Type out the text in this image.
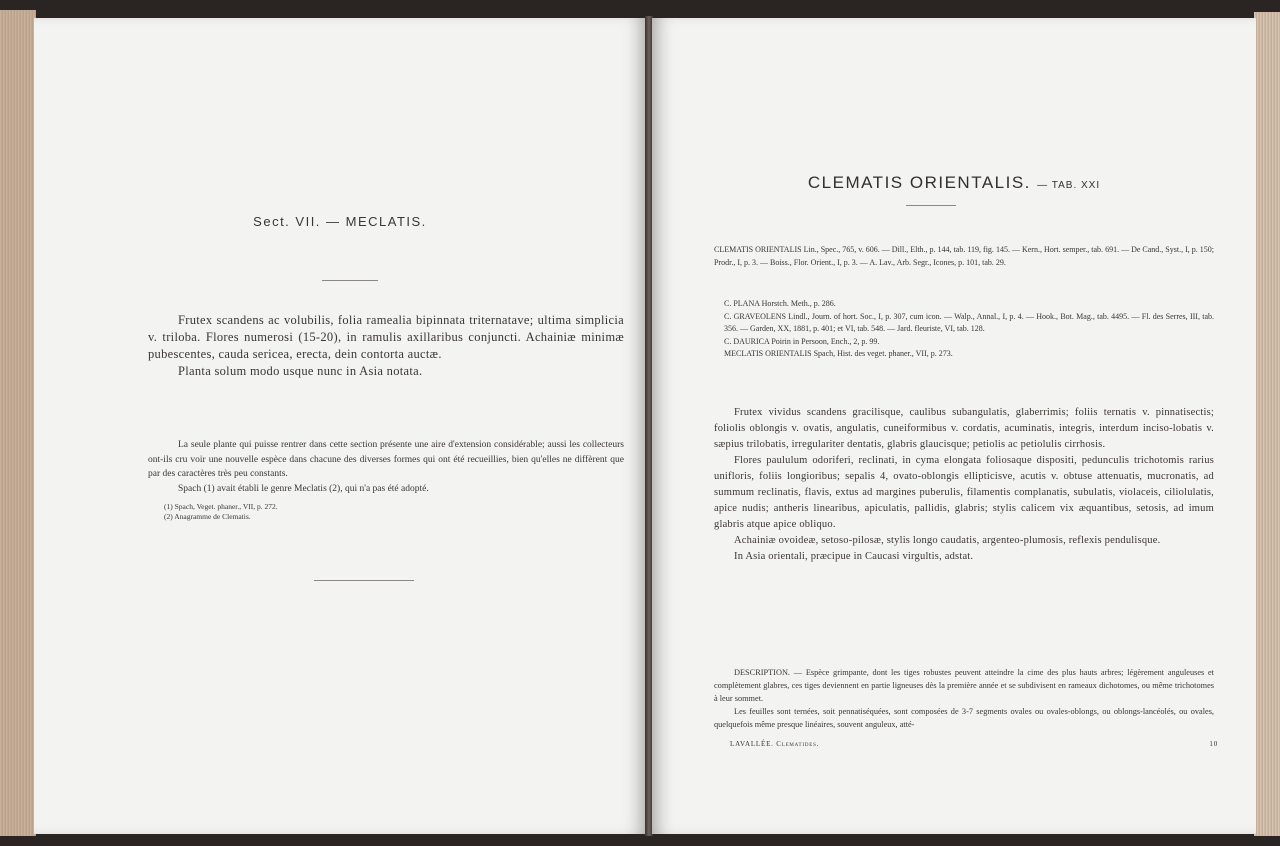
Sect. VII. — MECLATIS.

Frutex scandens ac volubilis, folia ramealia bipinnata triternatave; ultima simplicia v. triloba. Flores numerosi (15-20), in ramulis axillaribus conjuncti. Achainiæ minimæ pubescentes, cauda sericea, erecta, dein contorta auctæ.

Planta solum modo usque nunc in Asia notata.

La seule plante qui puisse rentrer dans cette section présente une aire d'extension considérable; aussi les collecteurs ont-ils cru voir une nouvelle espèce dans chacune des diverses formes qui ont été recueillies, bien qu'elles ne diffèrent que par des caractères très peu constants.

Spach (1) avait établi le genre Meclatis (2), qui n'a pas été adopté.

(1) Spach, Veget. phaner., VII, p. 272.
(2) Anagramme de Clematis.
CLEMATIS ORIENTALIS. — TAB. XXI

CLEMATIS ORIENTALIS Lin., Spec., 765, v. 606. — Dill., Elth., p. 144, tab. 119, fig. 145. — Kern., Hort. semper., tab. 691. — De Cand., Syst., I, p. 150; Prodr., I, p. 3. — Boiss., Flor. Orient., I, p. 3. — A. Lav., Arb. Segr., Icones, p. 101, tab. 29.

C. PLANA Horstch. Meth., p. 286.

C. GRAVEOLENS Lindl., Journ. of hort. Soc., I, p. 307, cum icon. — Walp., Annal., I, p. 4. — Hook., Bot. Mag., tab. 4495. — Fl. des Serres, III, tab. 356. — Garden, XX, 1881, p. 401; et VI, tab. 548. — Jard. fleuriste, VI, tab. 128.

C. DAURICA Poirin in Persoon, Ench., 2, p. 99.

MECLATIS ORIENTALIS Spach, Hist. des veget. phaner., VII, p. 273.

Frutex vividus scandens gracilisque, caulibus subangulatis, glaberrimis; foliis ternatis v. pinnatisectis; foliolis oblongis v. ovatis, angulatis, cuneiformibus v. cordatis, acuminatis, integris, interdum inciso-lobatis v. sæpius trilobatis, irregulariter dentatis, glabris glaucisque; petiolis ac petiolulis cirrhosis.

Flores paululum odoriferi, reclinati, in cyma elongata foliosaque dispositi, pedunculis trichotomis rarius unifloris, foliis longioribus; sepalis 4, ovato-oblongis ellipticisve, acutis v. obtuse attenuatis, mucronatis, ad summum reclinatis, flavis, extus ad margines puberulis, filamentis complanatis, subulatis, violaceis, ciliolulatis, apice nudis; antheris linearibus, apiculatis, pallidis, glabris; stylis calicem vix æquantibus, setosis, ad imum glabris atque apice obliquo.

Achainiæ ovoideæ, setoso-pilosæ, stylis longo caudatis, argenteo-plumosis, reflexis pendulisque.

In Asia orientali, præcipue in Caucasi virgultis, adstat.

DESCRIPTION. — Espèce grimpante, dont les tiges robustes peuvent atteindre la cime des plus hauts arbres; légèrement anguleuses et complètement glabres, ces tiges deviennent en partie ligneuses dès la première année et se subdivisent en rameaux dichotomes, ou même trichotomes à leur sommet.

Les feuilles sont ternées, soit pennatiséquées, sont composées de 3-7 segments ovales ou ovales-oblongs, ou oblongs-lancéolés, ou ovales, quelquefois même presque linéaires, souvent anguleux, atté-

LAVALLÉE. Clematides.	10
